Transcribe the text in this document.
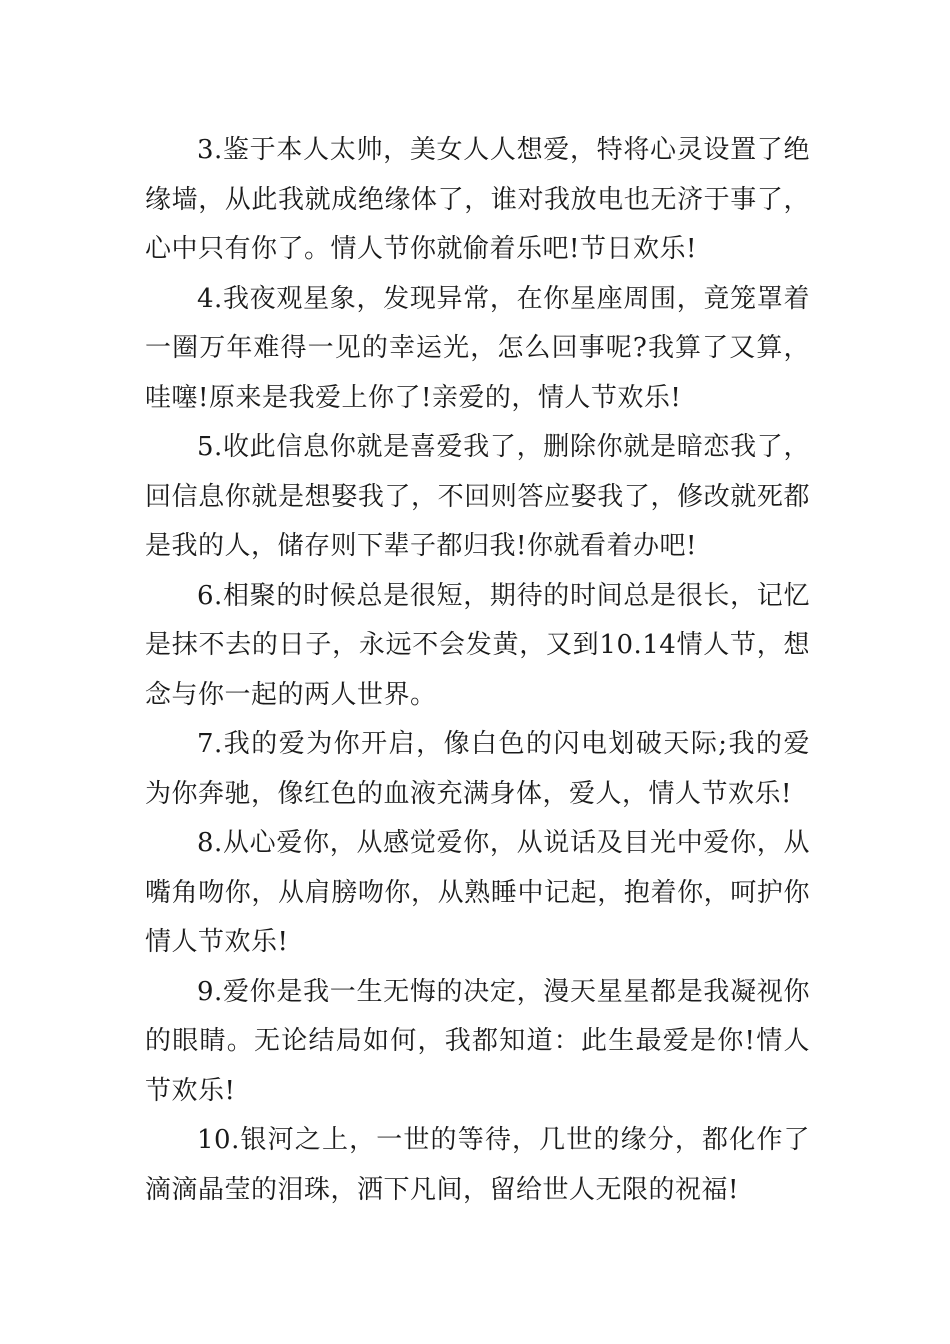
3.鉴于本人太帅，美女人人想爱，特将心灵设置了绝缘墙，从此我就成绝缘体了，谁对我放电也无济于事了，心中只有你了。情人节你就偷着乐吧!节日欢乐!

4.我夜观星象，发现异常，在你星座周围，竟笼罩着一圈万年难得一见的幸运光，怎么回事呢?我算了又算，哇噻!原来是我爱上你了!亲爱的，情人节欢乐!

5.收此信息你就是喜爱我了，删除你就是暗恋我了，回信息你就是想娶我了，不回则答应娶我了，修改就死都是我的人，储存则下辈子都归我!你就看着办吧!

6.相聚的时候总是很短，期待的时间总是很长，记忆是抹不去的日子，永远不会发黄，又到10.14情人节，想念与你一起的两人世界。

7.我的爱为你开启，像白色的闪电划破天际;我的爱为你奔驰，像红色的血液充满身体，爱人，情人节欢乐!

8.从心爱你，从感觉爱你，从说话及目光中爱你，从嘴角吻你，从肩膀吻你，从熟睡中记起，抱着你，呵护你情人节欢乐!

9.爱你是我一生无悔的决定，漫天星星都是我凝视你的眼睛。无论结局如何，我都知道：此生最爱是你!情人节欢乐!

10.银河之上，一世的等待，几世的缘分，都化作了滴滴晶莹的泪珠，洒下凡间，留给世人无限的祝福!
